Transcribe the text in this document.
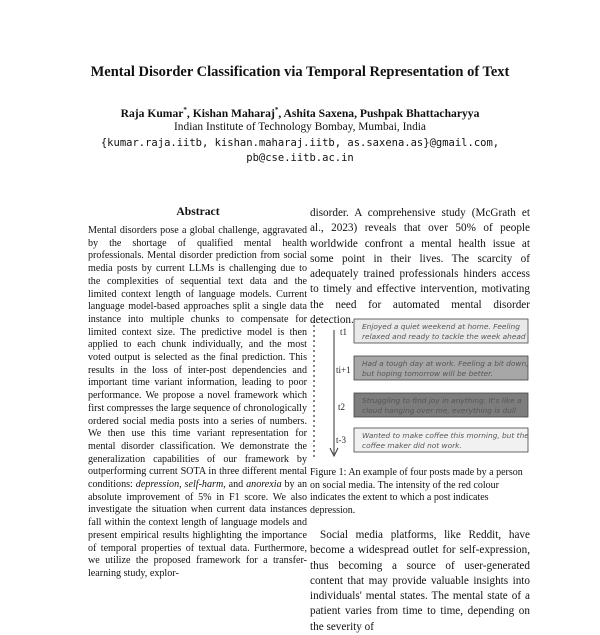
Mental Disorder Classification via Temporal Representation of Text
Raja Kumar*, Kishan Maharaj*, Ashita Saxena, Pushpak Bhattacharyya
Indian Institute of Technology Bombay, Mumbai, India
{kumar.raja.iitb, kishan.maharaj.iitb, as.saxena.as}@gmail.com,
pb@cse.iitb.ac.in
Abstract
Mental disorders pose a global challenge, aggravated by the shortage of qualified mental health professionals. Mental disorder prediction from social media posts by current LLMs is challenging due to the complexities of sequential text data and the limited context length of language models. Current language model-based approaches split a single data instance into multiple chunks to compensate for limited context size. The predictive model is then applied to each chunk individually, and the most voted output is selected as the final prediction. This results in the loss of inter-post dependencies and important time variant information, leading to poor performance. We propose a novel framework which first compresses the large sequence of chronologically ordered social media posts into a series of numbers. We then use this time variant representation for mental disorder classification. We demonstrate the generalization capabilities of our framework by outperforming current SOTA in three different mental conditions: depression, self-harm, and anorexia by an absolute improvement of 5% in F1 score. We also investigate the situation when current data instances fall within the context length of language models and present empirical results highlighting the importance of temporal properties of textual data. Furthermore, we utilize the proposed framework for a transfer-learning study, explor-
disorder. A comprehensive study (McGrath et al., 2023) reveals that over 50% of people worldwide confront a mental health issue at some point in their lives. The scarcity of adequately trained professionals hinders access to timely and effective intervention, motivating the need for automated mental disorder detection.
t1
Enjoyed a quiet weekend at home. Feeling
relaxed and ready to tackle the week ahead
ti+1
Had a tough day at work. Feeling a bit down,
but hoping tomorrow will be better.
t2
Struggling to find joy in anything. It's like a
cloud hanging over me, everything is dull
t-3 Wanted to make coffee this morning, but the
coffee maker did not work.
Figure 1: An example of four posts made by a person on social media. The intensity of the red colour indicates the extent to which a post indicates depression.
Social media platforms, like Reddit, have become a widespread outlet for self-expression, thus becoming a source of user-generated content that may provide valuable insights into individuals' mental states. The mental state of a patient varies from time to time, depending on the severity of
